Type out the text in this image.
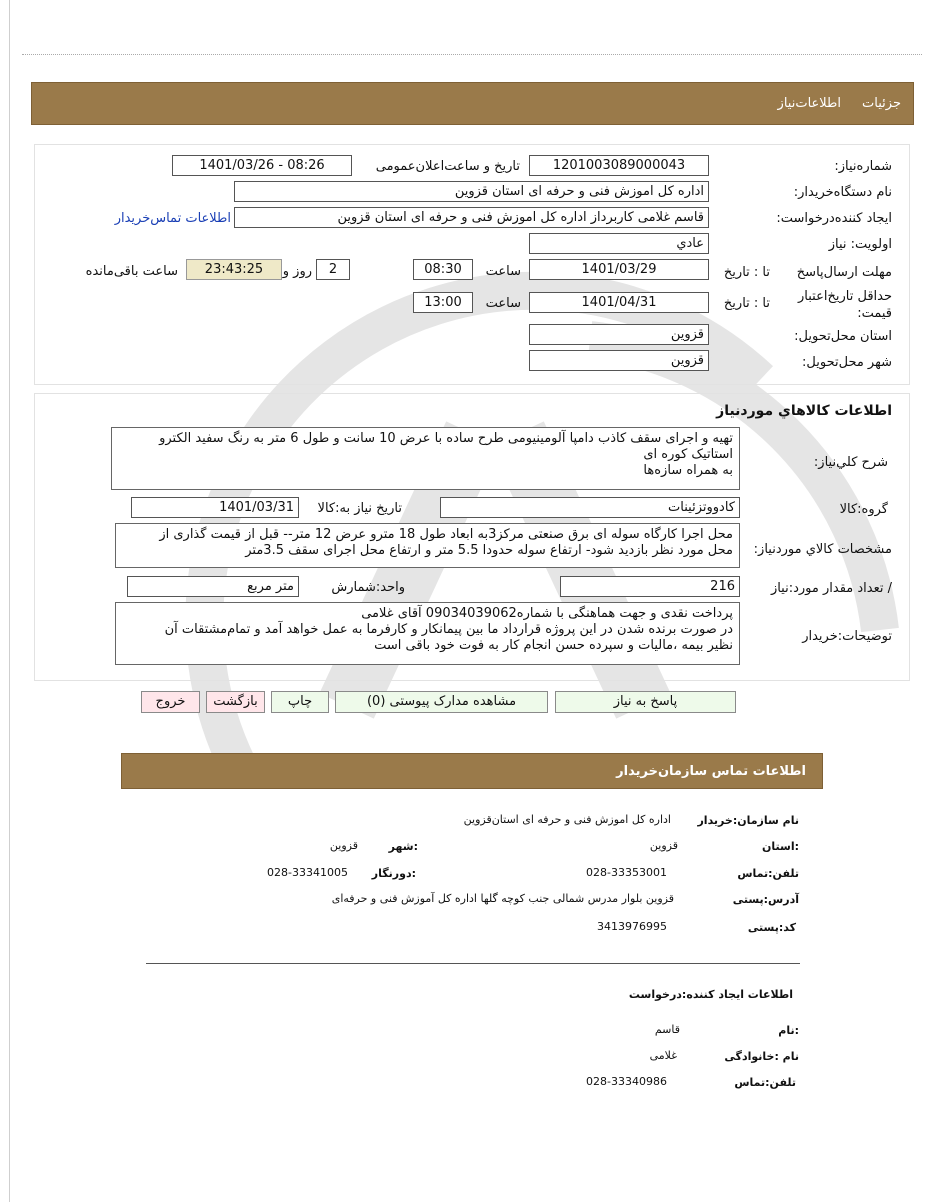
جزئیات
اطلاعات‌نیاز
شماره‌نیاز:
1201003089000043
تاریخ و ساعت‌اعلان‌عمومی
1401/03/26 - 08:26
نام دستگاه‌خریدار:
اداره کل اموزش فنی و حرفه ای استان قزوین
ایجاد کننده‌درخواست:
قاسم غلامی کاربرداز اداره کل اموزش فنی و حرفه ای استان قزوین
اطلاعات تماس‌خریدار
اولویت: نیاز
عادي
مهلت ارسال‌پاسخ
تا : تاریخ
1401/03/29
ساعت
08:30
2
روز و
23:43:25
ساعت باقی‌مانده
حداقل تاریخ‌اعتبار قیمت:
تا : تاریخ
1401/04/31
ساعت
13:00
استان محل‌تحویل:
قزوین
شهر محل‌تحویل:
قزوین
اطلاعات کالاهاي موردنیاز
شرح کلي‌نیاز:
تهیه و اجرای سقف کاذب دامپا آلومینیومی طرح ساده با عرض 10 سانت و طول 6 متر به رنگ سفید الکترو
استاتیک کوره ای
به همراه سازه‌ها
گروه‌:کالا
کادووتزئینات
تاریخ نیاز به‌:کالا
1401/03/31
مشخصات کالاي مورد‌نیاز:
محل اجرا کارگاه سوله ای برق صنعتی مرکز3به ابعاد طول 18 مترو عرض 12 متر-- قبل از قیمت گذاری از
محل مورد نظر بازدید شود- ارتفاع سوله حدودا 5.5 متر و ارتفاع محل اجرای سقف 3.5متر
/ تعداد مقدار مورد‌:نیاز
216
واحد‌:شمارش
متر مربع
توضیحات:خریدار
پرداخت نقدی و جهت هماهنگی با شماره09034039062 آقای غلامی
در صورت برنده شدن در این پروژه قرارداد ما بین پیمانکار و کارفرما به عمل خواهد آمد و تمام‌مشتقات آن
نظیر بیمه ،مالیات و سپرده حسن انجام کار به فوت خود باقی است
پاسخ به نیاز
مشاهده مدارک پیوستی (0)
چاپ
بازگشت
خروج
اطلاعات تماس سازمان‌خریدار
نام سازمان‌:خریدار
اداره کل اموزش فنی و حرفه ای استان‌قزوین
:استان
قزوین
:شهر
قزوین
تلفن‌:تماس
028-33353001
:دورنگار
028-33341005
آدرس‌:پستی
قزوین بلوار مدرس شمالی جنب کوچه گلها اداره کل آموزش فنی و حرفه‌ای
کد‌:پستی
3413976995
اطلاعات ایجاد کننده‌:درخواست
:نام
قاسم
نام :خانوادگی
غلامی
تلفن‌:تماس
028-33340986
